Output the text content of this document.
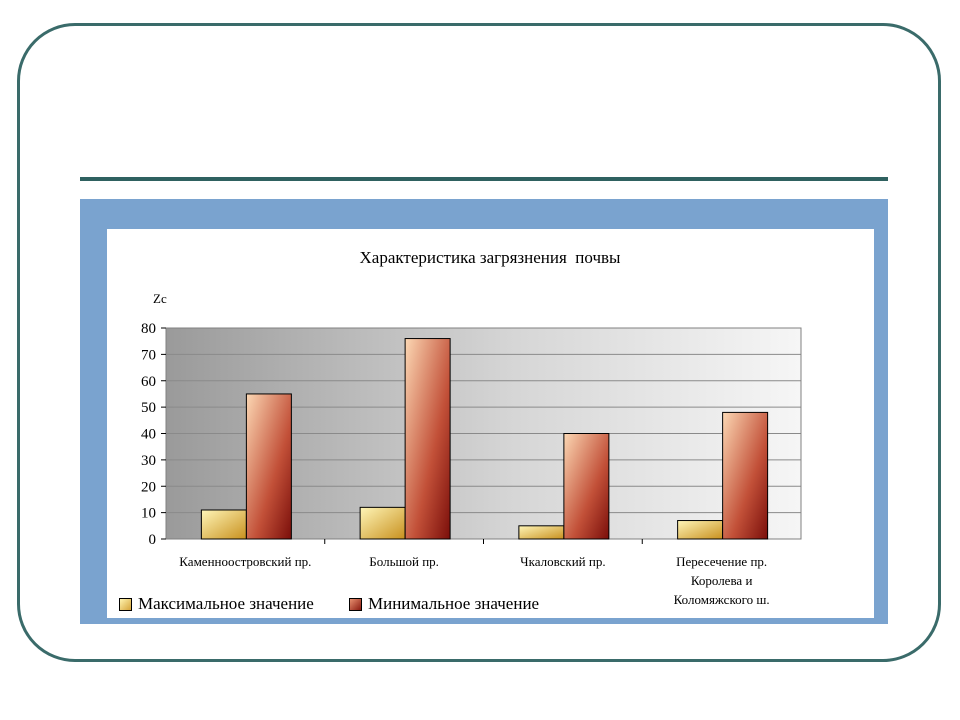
Характеристика загрязнения  почвы
Zc
0
10
20
30
40
50
60
70
80
Каменноостровский пр.	Большой пр.	Чкаловский пр.	Пересечение пр.
Королева и
Коломяжского ш.
Максимальное значение	Минимальное значение
